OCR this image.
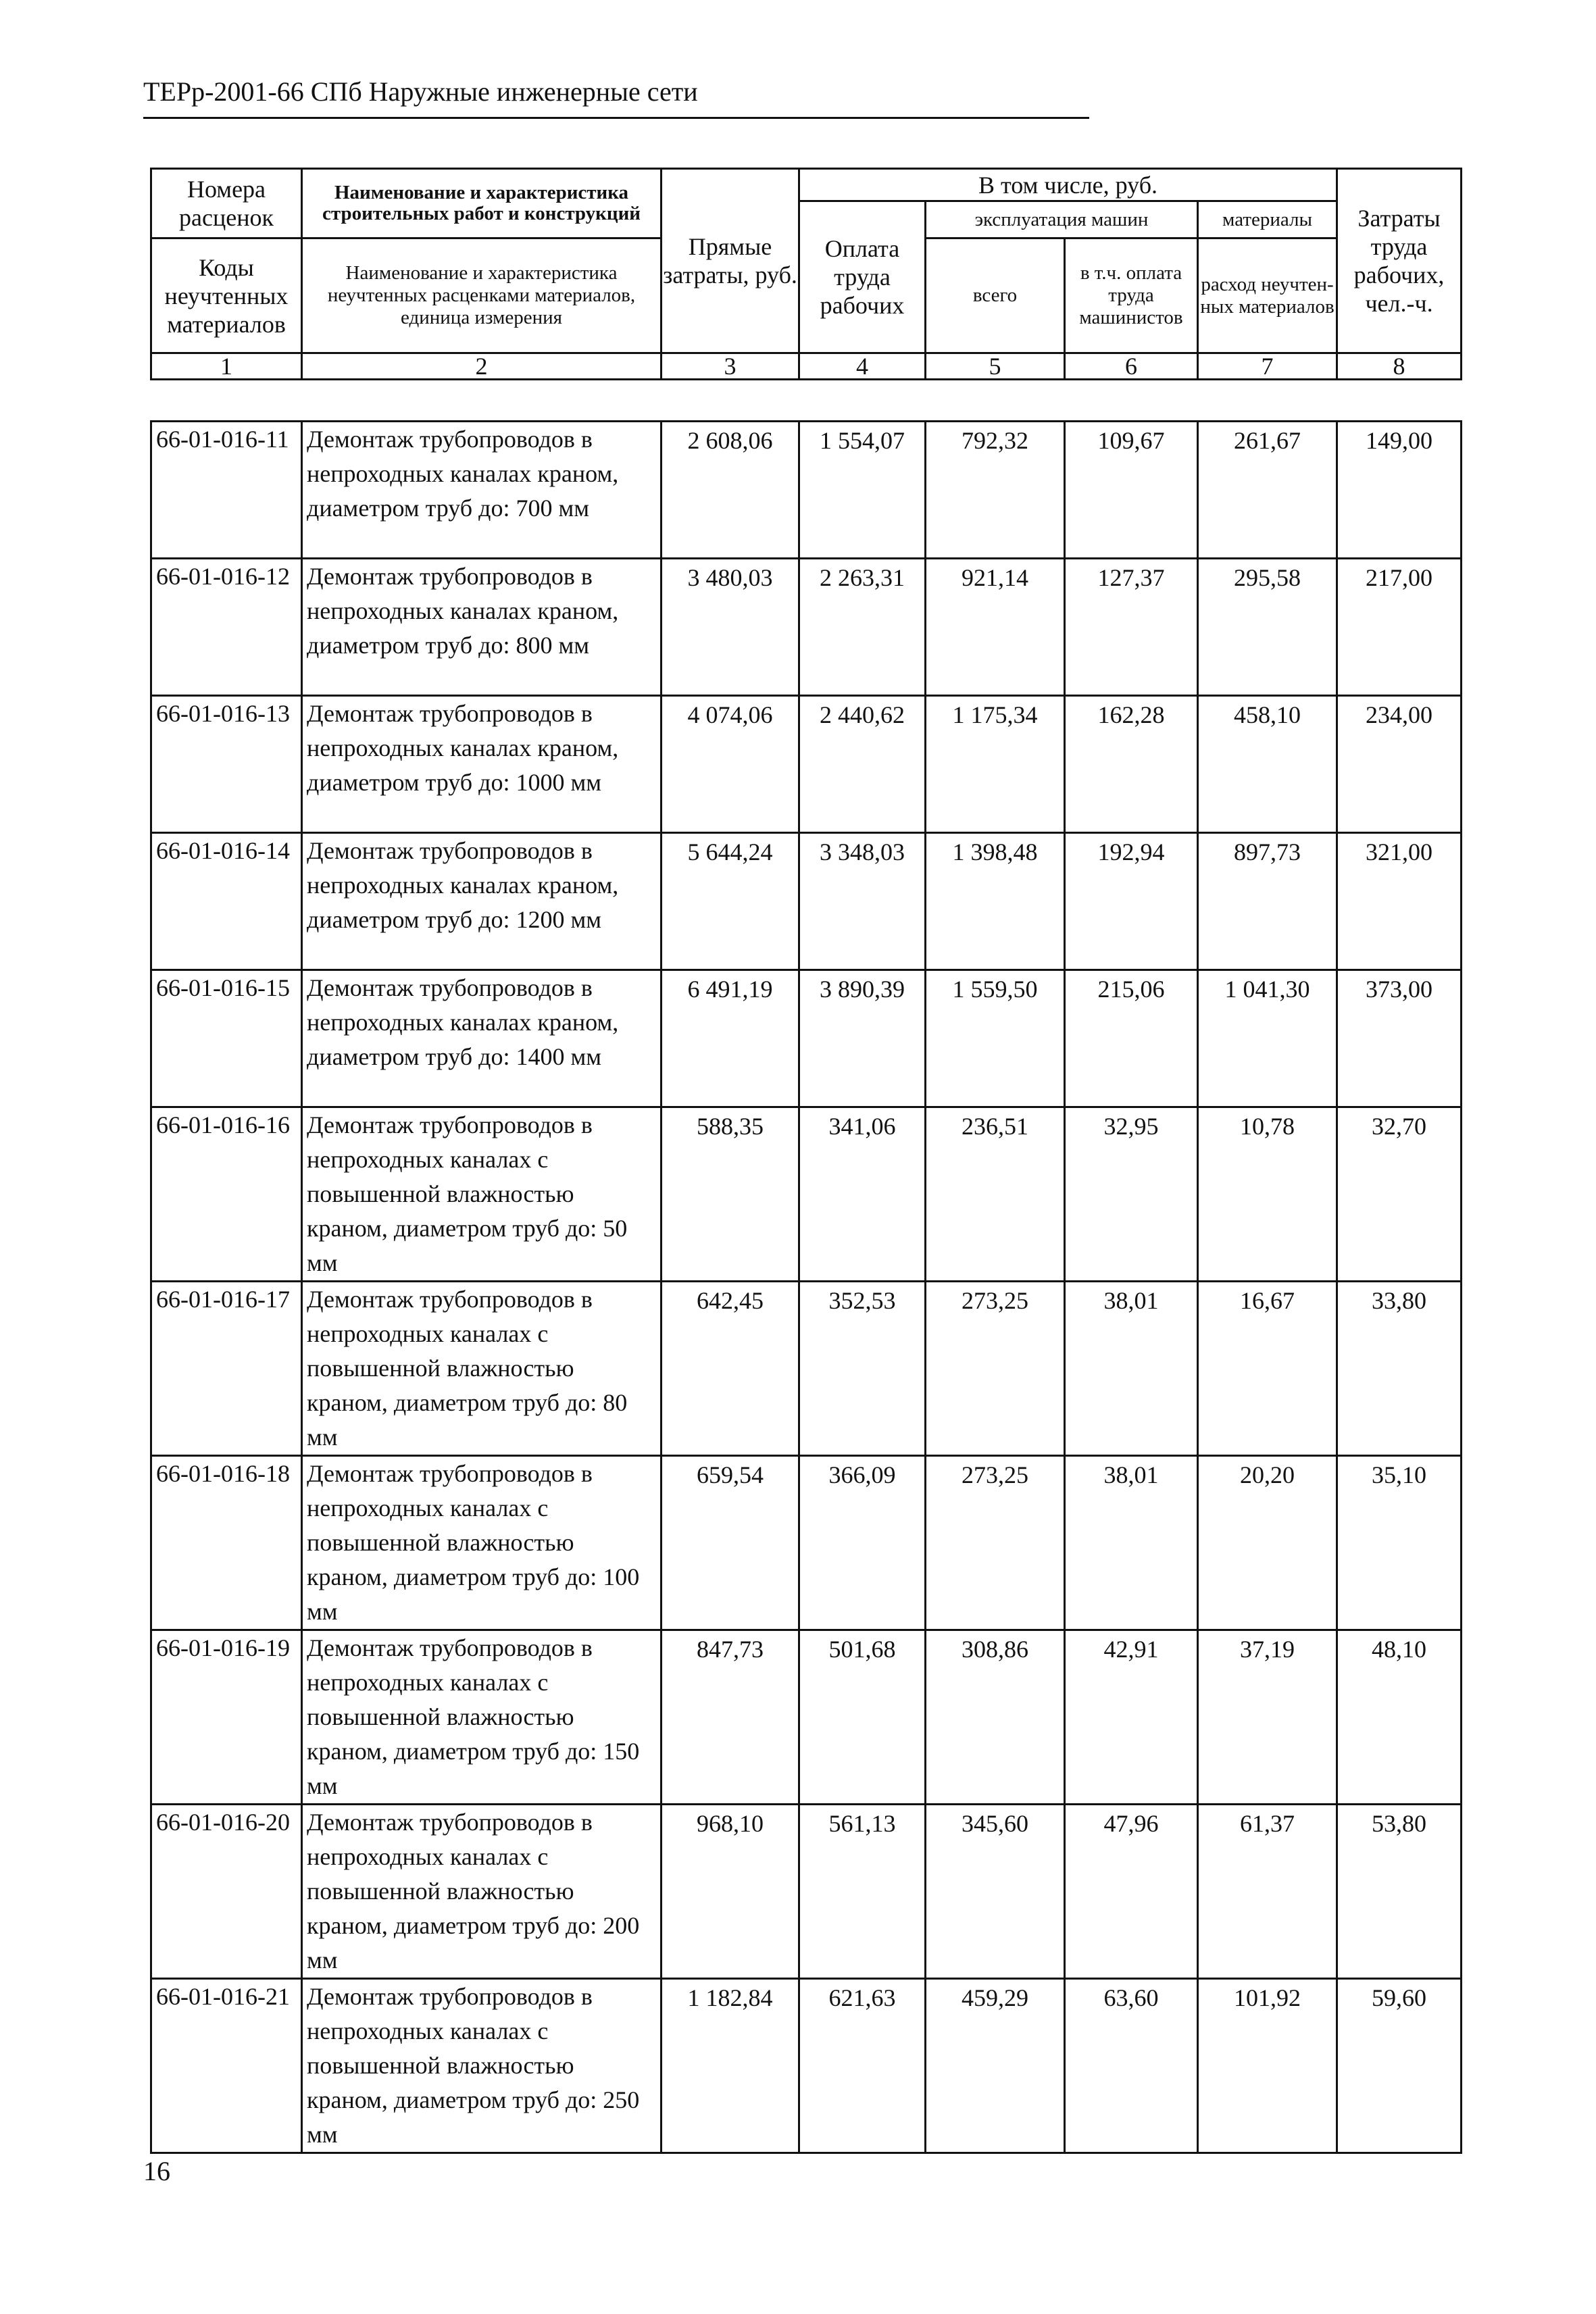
ТЕРр-2001-66 СПб Наружные инженерные сети
Номера расценок	Наименование и характеристика строительных работ и конструкций	Прямые затраты, руб.	В том числе, руб.				Затраты труда рабочих, чел.-ч.
			Оплата труда рабочих	эксплуатация машин		материалы	
Коды неучтенных материалов	Наименование и характеристика неучтенных расценками материалов, единица измерения			всего	в т.ч. оплата труда машинистов	расход неучтен-ных материалов	

1	2	3	4	5	6	7	8
66-01-016-11	Демонтаж трубопроводов в непроходных каналах краном, диаметром труб до: 700 мм	2 608,06	1 554,07	792,32	109,67	261,67	149,00
66-01-016-12	Демонтаж трубопроводов в непроходных каналах краном, диаметром труб до: 800 мм	3 480,03	2 263,31	921,14	127,37	295,58	217,00
66-01-016-13	Демонтаж трубопроводов в непроходных каналах краном, диаметром труб до: 1000 мм	4 074,06	2 440,62	1 175,34	162,28	458,10	234,00
66-01-016-14	Демонтаж трубопроводов в непроходных каналах краном, диаметром труб до: 1200 мм	5 644,24	3 348,03	1 398,48	192,94	897,73	321,00
66-01-016-15	Демонтаж трубопроводов в непроходных каналах краном, диаметром труб до: 1400 мм	6 491,19	3 890,39	1 559,50	215,06	1 041,30	373,00
66-01-016-16	Демонтаж трубопроводов в непроходных каналах с повышенной влажностью краном, диаметром труб до: 50 мм	588,35	341,06	236,51	32,95	10,78	32,70
66-01-016-17	Демонтаж трубопроводов в непроходных каналах с повышенной влажностью краном, диаметром труб до: 80 мм	642,45	352,53	273,25	38,01	16,67	33,80
66-01-016-18	Демонтаж трубопроводов в непроходных каналах с повышенной влажностью краном, диаметром труб до: 100 мм	659,54	366,09	273,25	38,01	20,20	35,10
66-01-016-19	Демонтаж трубопроводов в непроходных каналах с повышенной влажностью краном, диаметром труб до: 150 мм	847,73	501,68	308,86	42,91	37,19	48,10
66-01-016-20	Демонтаж трубопроводов в непроходных каналах с повышенной влажностью краном, диаметром труб до: 200 мм	968,10	561,13	345,60	47,96	61,37	53,80
66-01-016-21	Демонтаж трубопроводов в непроходных каналах с повышенной влажностью краном, диаметром труб до: 250 мм	1 182,84	621,63	459,29	63,60	101,92	59,60
16
